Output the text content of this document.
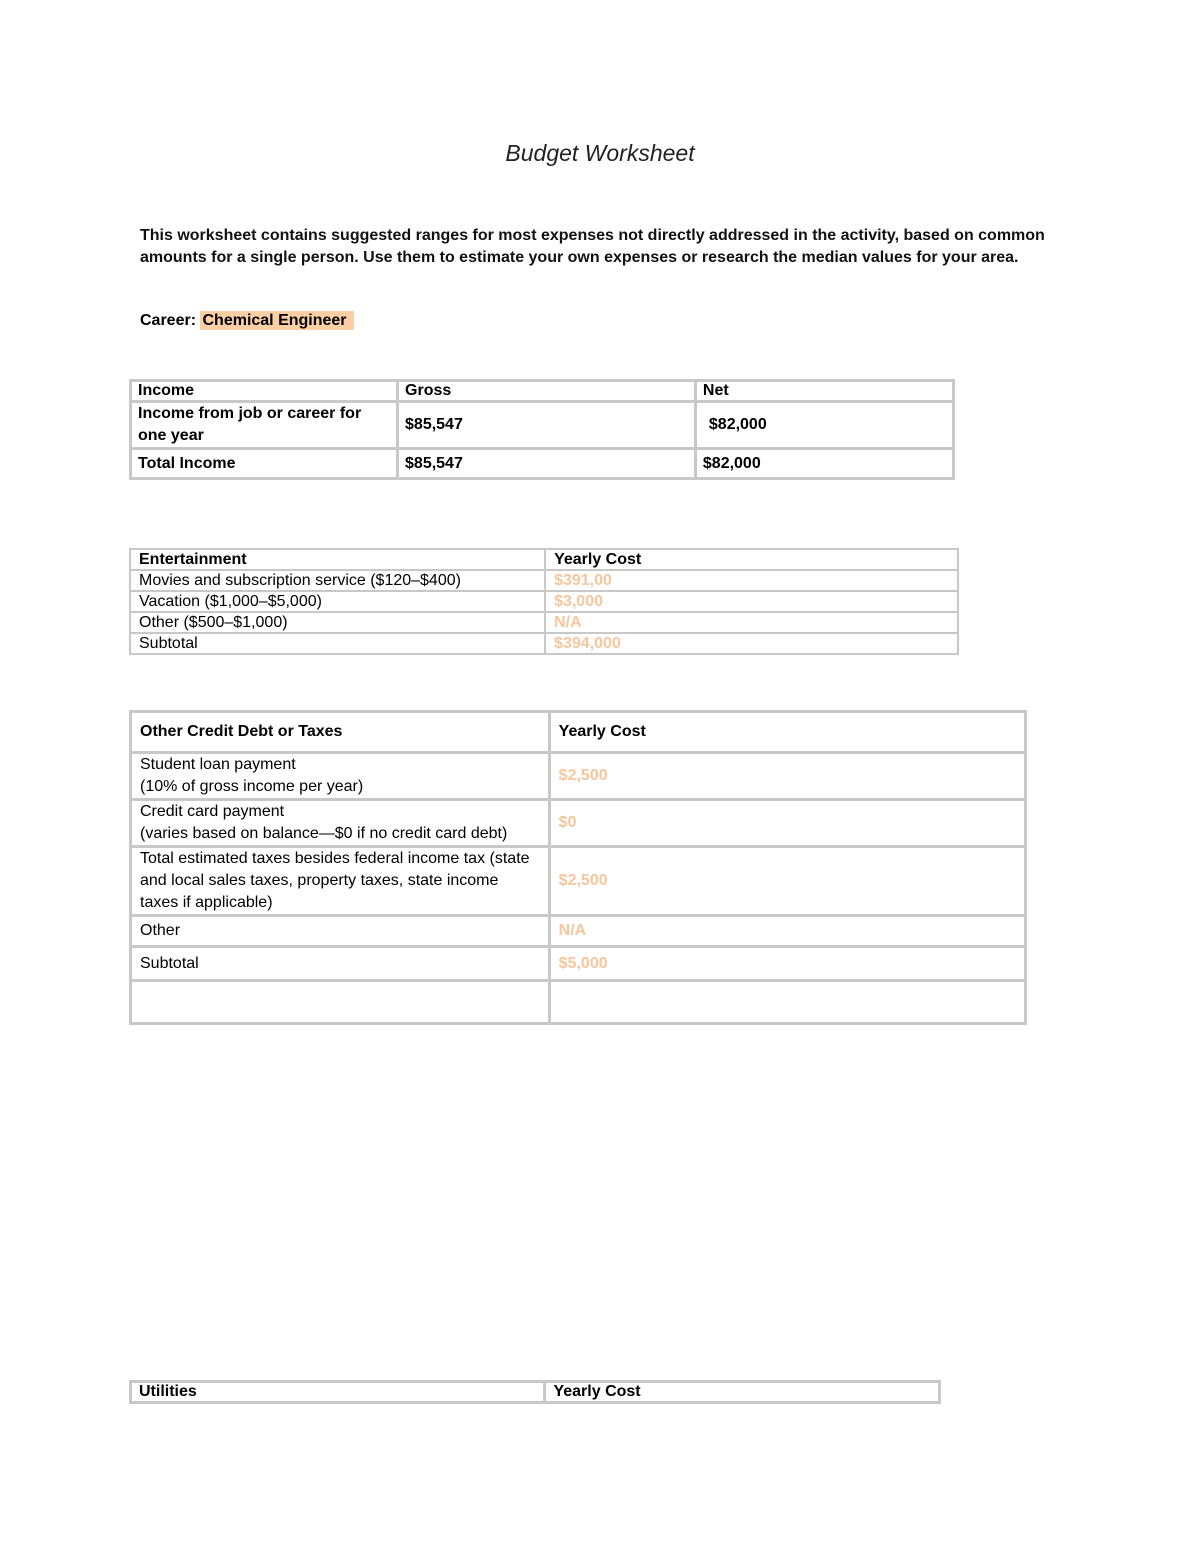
Budget Worksheet
This worksheet contains suggested ranges for most expenses not directly addressed in the activity, based on common amounts for a single person. Use them to estimate your own expenses or research the median values for your area.
Career: Chemical Engineer
Income	Gross	Net
Income from job or career for one year	$85,547	$82,000
Total Income	$85,547	$82,000
Entertainment	Yearly Cost
Movies and subscription service ($120–$400)	$391,00
Vacation ($1,000–$5,000)	$3,000
Other ($500–$1,000)	N/A
Subtotal	$394,000
Other Credit Debt or Taxes	Yearly Cost

Student loan payment
(10% of gross income per year)	$2,500

Credit card payment
(varies based on balance—$0 if no credit card debt)	$0
Total estimated taxes besides federal income tax (state and local sales taxes, property taxes, state income taxes if applicable)	$2,500
Other	N/A
Subtotal	$5,000

Utilities	Yearly Cost
